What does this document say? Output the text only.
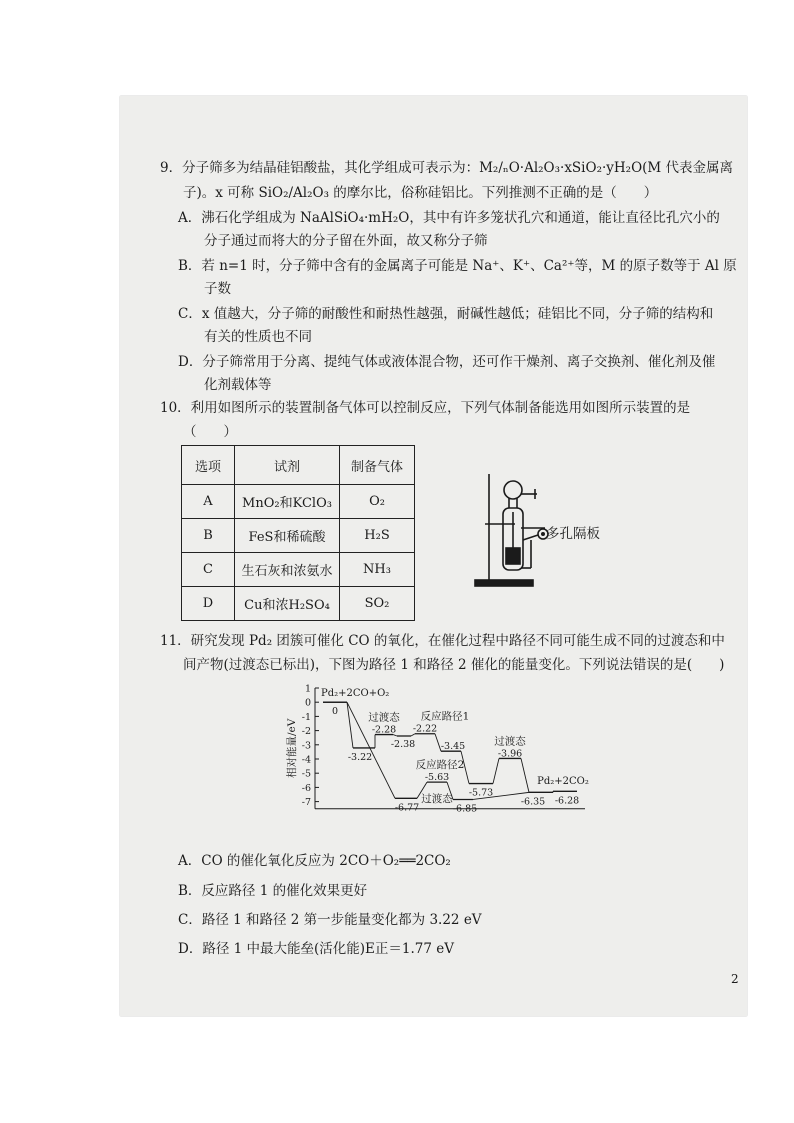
9．分子筛多为结晶硅铝酸盐，其化学组成可表示为：M₂/ₙO·Al₂O₃·xSiO₂·yH₂O(M 代表金属离
子)。x 可称 SiO₂/Al₂O₃ 的摩尔比，俗称硅铝比。下列推测不正确的是（　　）
A．沸石化学组成为 NaAlSiO₄·mH₂O，其中有许多笼状孔穴和通道，能让直径比孔穴小的
分子通过而将大的分子留在外面，故又称分子筛
B．若 n=1 时，分子筛中含有的金属离子可能是 Na⁺、K⁺、Ca²⁺等，M 的原子数等于 Al 原
子数
C．x 值越大，分子筛的耐酸性和耐热性越强，耐碱性越低；硅铝比不同，分子筛的结构和
有关的性质也不同
D．分子筛常用于分离、提纯气体或液体混合物，还可作干燥剂、离子交换剂、催化剂及催
化剂载体等
10．利用如图所示的装置制备气体可以控制反应，下列气体制备能选用如图所示装置的是
（　　）
选项	试剂	制备气体
A	MnO₂和KClO₃	O₂
B	FeS和稀硫酸	H₂S
C	生石灰和浓氨水	NH₃
D	Cu和浓H₂SO₄	SO₂
多孔隔板
11．研究发现 Pd₂ 团簇可催化 CO 的氧化，在催化过程中路径不同可能生成不同的过渡态和中
间产物(过渡态已标出)，下图为路径 1 和路径 2 催化的能量变化。下列说法错误的是(　　)
1
0
-1
-2
-3
-4
-5
-6
-7
相对能量/eV
0
-3.22
-2.28
-2.38
-2.22
-3.45
-5.73
-3.96
-6.77
-5.63
-6.85
-6.35 -6.28
过渡态
过渡态
过渡态
反应路径1
反应路径2
Pd₂+2CO+O₂
Pd₂+2CO₂
A．CO 的催化氧化反应为 2CO＋O₂══2CO₂
B．反应路径 1 的催化效果更好
C．路径 1 和路径 2 第一步能量变化都为 3.22 eV
D．路径 1 中最大能垒(活化能)E正＝1.77 eV
2
